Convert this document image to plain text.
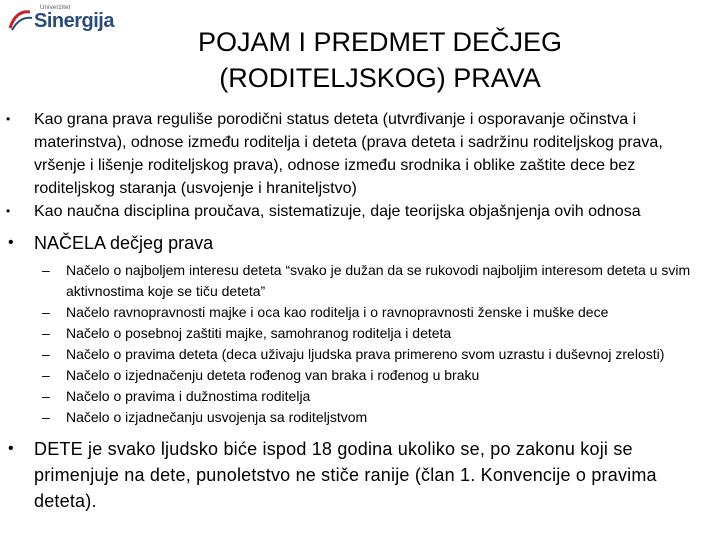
Univerzitet
Sinergija
POJAM I PREDMET DEČJEG
(RODITELJSKOG) PRAVA
• Kao grana prava reguliše porodični status deteta (utvrđivanje i osporavanje očinstva i materinstva), odnose između roditelja i deteta (prava deteta i sadržinu roditeljskog prava, vršenje i lišenje roditeljskog prava), odnose između srodnika i oblike zaštite dece bez roditeljskog staranja (usvojenje i hraniteljstvo)
• Kao naučna disciplina proučava, sistematizuje, daje teorijska objašnjenja ovih odnosa
• NAČELA dečjeg prava
– Načelo o najboljem interesu deteta “svako je dužan da se rukovodi najboljim interesom deteta u svim aktivnostima koje se tiču deteta”
– Načelo ravnopravnosti majke i oca kao roditelja i o ravnopravnosti ženske i muške dece
– Načelo o posebnoj zaštiti majke, samohranog roditelja i deteta
– Načelo o pravima deteta (deca uživaju ljudska prava primereno svom uzrastu i duševnoj zrelosti)
– Načelo o izjednačenju deteta rođenog van braka i rođenog u braku
– Načelo o pravima i dužnostima roditelja
– Načelo o izjadnečanju usvojenja sa roditeljstvom
• DETE je svako ljudsko biće ispod 18 godina ukoliko se, po zakonu koji se primenjuje na dete, punoletstvo ne stiče ranije (član 1. Konvencije o pravima deteta).
